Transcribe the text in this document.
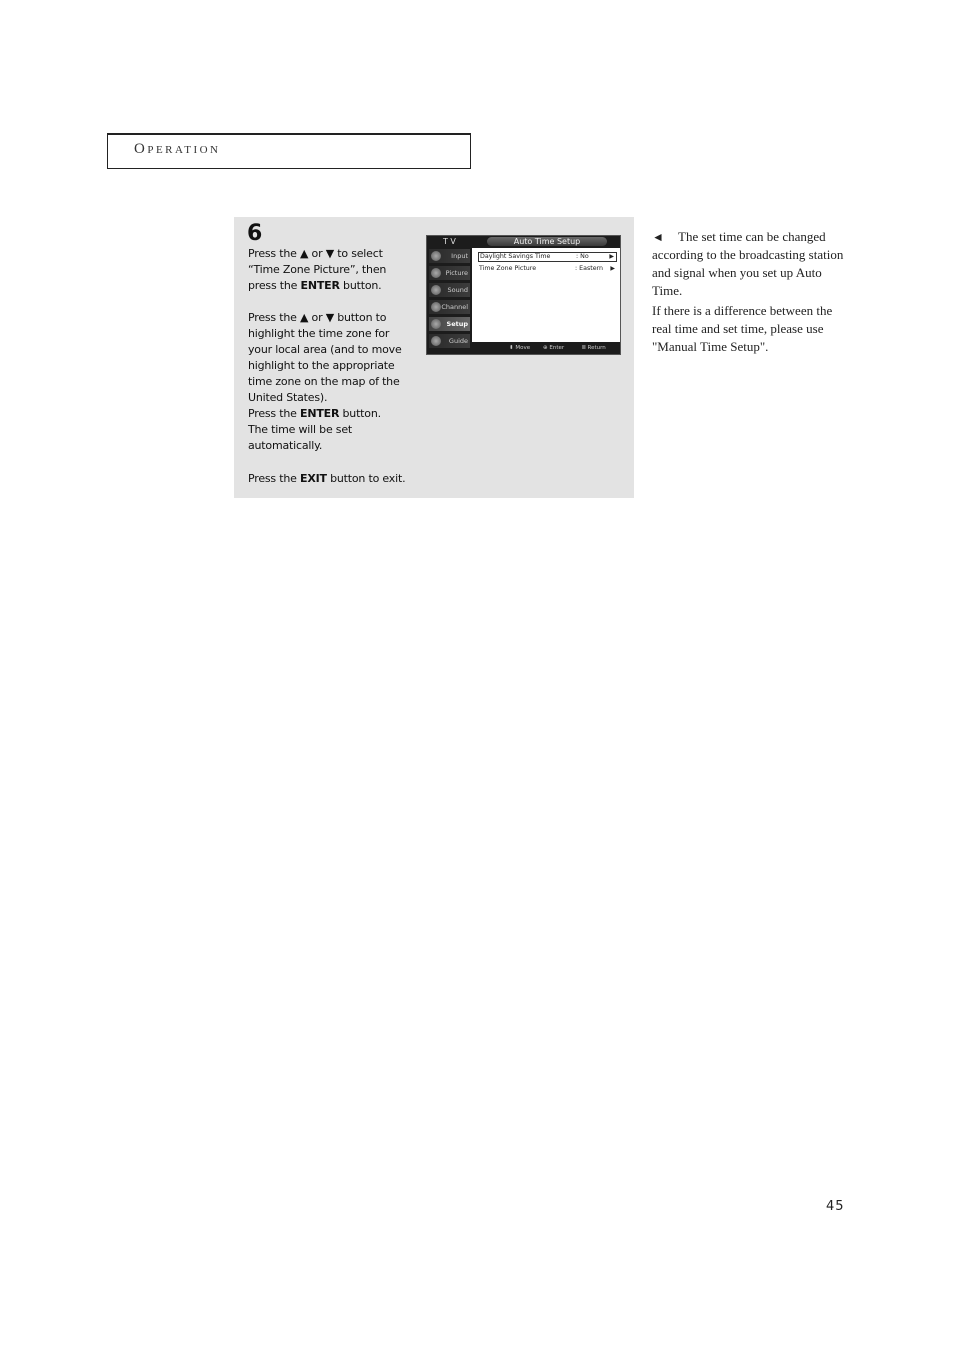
Operation
6
Press the ▲ or ▼ to select
“Time Zone Picture”, then
press the ENTER button.
Press the ▲ or ▼ button to
highlight the time zone for
your local area (and to move
highlight to the appropriate
time zone on the map of the
United States).
Press the ENTER button.
The time will be set
automatically.
Press the EXIT button to exit.
T V	Auto Time Setup
Input
Picture
Sound
Channel
Setup
Guide
Daylight Savings Time	: No	▶
Time Zone Picture	: Eastern ▶
⬍ Move ⊕ Enter	Ⅲ Return
◄ The set time can be changed
according to the broadcasting station
and signal when you set up Auto
Time.
If there is a difference between the
real time and set time, please use
"Manual Time Setup".
45
